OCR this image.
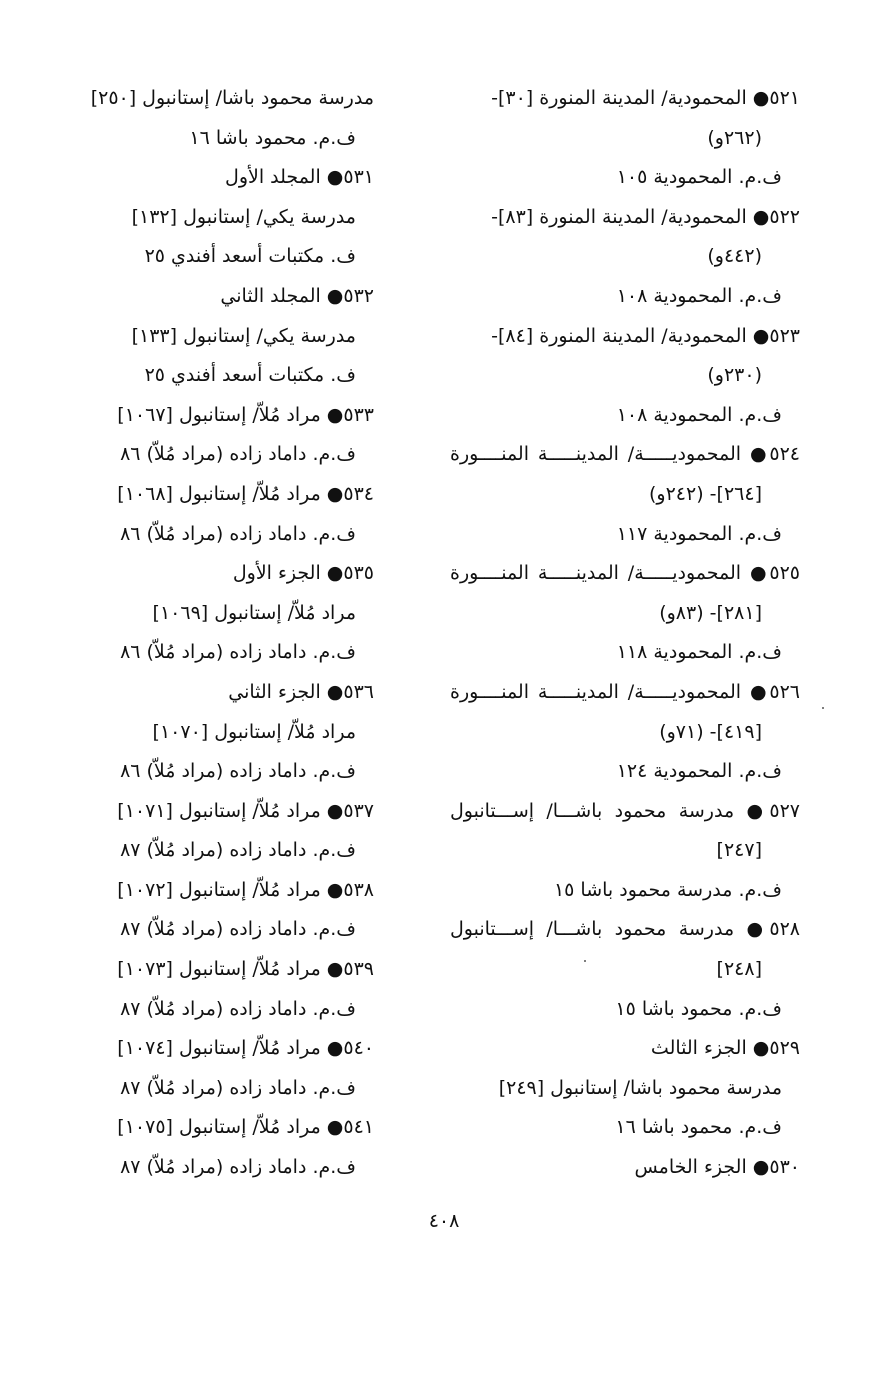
٥٢١● المحمودية/ المدينة المنورة [٣٠]-
(٢٦٢و)
ف.م. المحمودية ١٠٥
٥٢٢● المحمودية/ المدينة المنورة [٨٣]-
(٤٤٢و)
ف.م. المحمودية ١٠٨
٥٢٣● المحمودية/ المدينة المنورة [٨٤]-
(٢٣٠و)
ف.م. المحمودية ١٠٨
٥٢٤● المحموديـــــة/ المدينـــــة المنــــورة
[٢٦٤]- (٢٤٢و)
ف.م. المحمودية ١١٧
٥٢٥● المحموديـــــة/ المدينـــــة المنــــورة
[٢٨١]- (٨٣و)
ف.م. المحمودية ١١٨
٥٢٦● المحموديـــــة/ المدينـــــة المنــــورة
[٤١٩]- (٧١و)
ف.م. المحمودية ١٢٤
٥٢٧● مدرسة محمود باشـــا/ إســـتانبول
[٢٤٧]
ف.م. مدرسة محمود باشا ١٥
٥٢٨● مدرسة محمود باشـــا/ إســـتانبول
[٢٤٨]
ف.م. محمود باشا ١٥
٥٢٩● الجزء الثالث
مدرسة محمود باشا/ إستانبول [٢٤٩]
ف.م. محمود باشا ١٦
٥٣٠● الجزء الخامس
مدرسة محمود باشا/ إستانبول [٢٥٠]
ف.م. محمود باشا ١٦
٥٣١● المجلد الأول
مدرسة يكي/ إستانبول [١٣٢]
ف. مكتبات أسعد أفندي ٢٥
٥٣٢● المجلد الثاني
مدرسة يكي/ إستانبول [١٣٣]
ف. مكتبات أسعد أفندي ٢٥
٥٣٣● مراد مُلاّ/ إستانبول [١٠٦٧]
ف.م. داماد زاده (مراد مُلاّ) ٨٦
٥٣٤● مراد مُلاّ/ إستانبول [١٠٦٨]
ف.م. داماد زاده (مراد مُلاّ) ٨٦
٥٣٥● الجزء الأول
مراد مُلاّ/ إستانبول [١٠٦٩]
ف.م. داماد زاده (مراد مُلاّ) ٨٦
٥٣٦● الجزء الثاني
مراد مُلاّ/ إستانبول [١٠٧٠]
ف.م. داماد زاده (مراد مُلاّ) ٨٦
٥٣٧● مراد مُلاّ/ إستانبول [١٠٧١]
ف.م. داماد زاده (مراد مُلاّ) ٨٧
٥٣٨● مراد مُلاّ/ إستانبول [١٠٧٢]
ف.م. داماد زاده (مراد مُلاّ) ٨٧
٥٣٩● مراد مُلاّ/ إستانبول [١٠٧٣]
ف.م. داماد زاده (مراد مُلاّ) ٨٧
٥٤٠● مراد مُلاّ/ إستانبول [١٠٧٤]
ف.م. داماد زاده (مراد مُلاّ) ٨٧
٥٤١● مراد مُلاّ/ إستانبول [١٠٧٥]
ف.م. داماد زاده (مراد مُلاّ) ٨٧
٤٠٨
